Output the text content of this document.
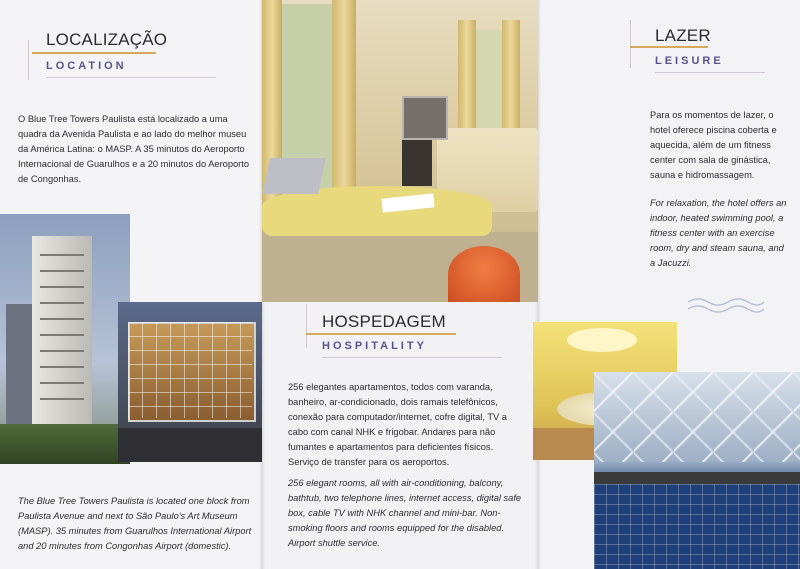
LOCALIZAÇÃO
LOCATION
O Blue Tree Towers Paulista está localizado a uma quadra da Avenida Paulista e ao lado do melhor museu da América Latina: o MASP. A 35 minutos do Aeroporto Internacional de Guarulhos e a 20 minutos do Aeroporto de Congonhas.
The Blue Tree Towers Paulista is located one block from Paulista Avenue and next to São Paulo's Art Museum (MASP). 35 minutes from Guarulhos International Airport and 20 minutes from Congonhas Airport (domestic).
HOSPEDAGEM
HOSPITALITY
256 elegantes apartamentos, todos com varanda, banheiro, ar-condicionado, dois ramais telefônicos, conexão para computador/internet, cofre digital, TV a cabo com canal NHK e frigobar. Andares para não fumantes e apartamentos para deficientes físicos. Serviço de transfer para os aeroportos.
256 elegant rooms, all with air-conditioning, balcony, bathtub, two telephone lines, internet access, digital safe box, cable TV with NHK channel and mini-bar. Non-smoking floors and rooms equipped for the disabled. Airport shuttle service.
LAZER
LEISURE
Para os momentos de lazer, o hotel oferece piscina coberta e aquecida, além de um fitness center com sala de ginástica, sauna e hidromassagem.
For relaxation, the hotel offers an indoor, heated swimming pool, a fitness center with an exercise room, dry and steam sauna, and a Jacuzzi.
